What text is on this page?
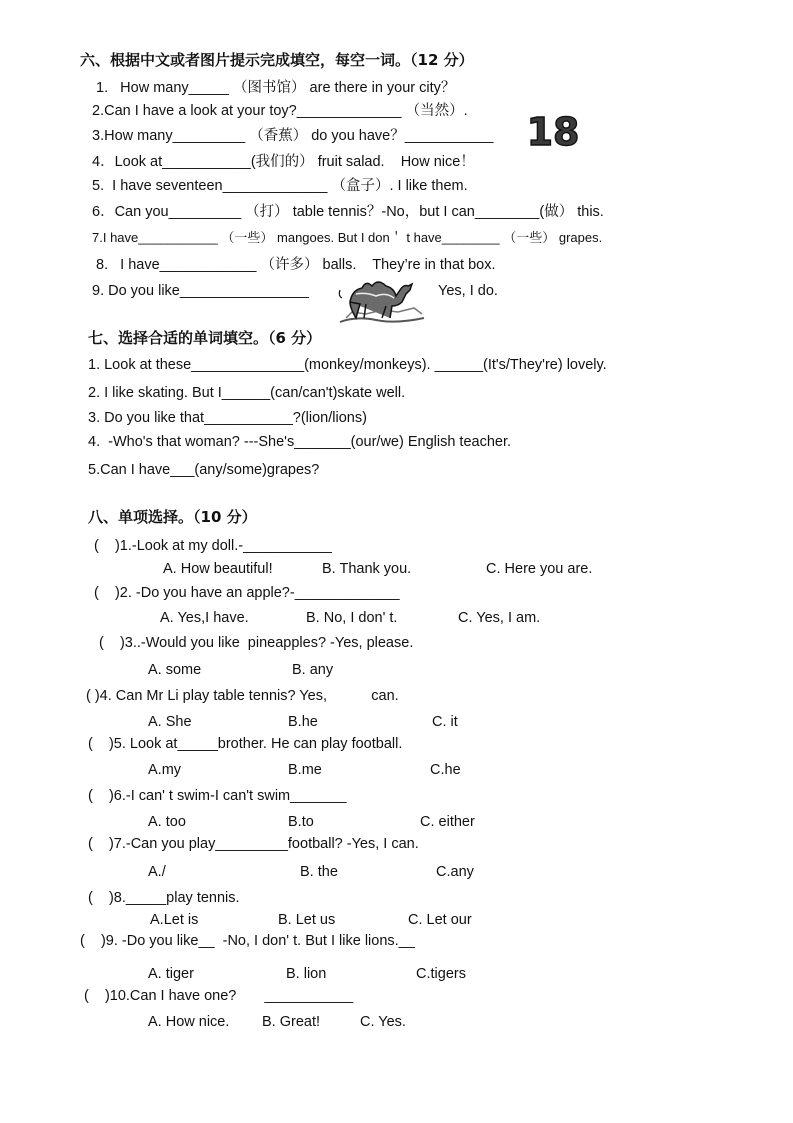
六、根据中文或者图片提示完成填空，每空一词。（12 分）
1.   How many_____ （图书馆） are there in your city？
2.Can I have a look at your toy?_____________ （当然）.
3.How many_________ （香蕉） do you have？___________ 18
4．Look at___________(我们的） fruit salad.    How nice！
5.  I have seventeen_____________ （盒子）. I like them.
6．Can you_________ （打） table tennis？-No，but I can________(做） this.
7.I have___________ （一些） mangoes. But I don＇ t have________ （一些） grapes.
8.   I have____________ （许多） balls.    They’re in that box.
9. Do you like________________	Yes, I do.
七、选择合适的单词填空。（6 分）
1. Look at these______________(monkey/monkeys). ______(It's/They're) lovely.
2. I like skating. But I______(can/can't)skate well.
3. Do you like that___________?(lion/lions)
4.  -Who's that woman? ---She's_______(our/we) English teacher.
5.Can I have___(any/some)grapes?
八、单项选择。（10 分）
(    )1.-Look at my doll.-___________
A. How beautiful!	B. Thank you.	C. Here you are.
(    )2. -Do you have an apple?-_____________
A. Yes,I have.	B. No, I don' t.	C. Yes, I am.
(    )3..-Would you like  pineapples? -Yes, please.
A. some	B. any
( )4. Can Mr Li play table tennis? Yes,           can.
A. She	B.he	C. it
(    )5. Look at_____brother. He can play football.
A.my	B.me	C.he
(    )6.-I can' t swim-I can't swim_______
A. too	B.to	C. either
(    )7.-Can you play_________football? -Yes, I can.
A./	B. the	C.any
(    )8._____play tennis.
A.Let is	B. Let us	C. Let our
(    )9. -Do you like__  -No, I don' t. But I like lions.__
A. tiger	B. lion	C.tigers
(    )10.Can I have one?       ___________
A. How nice. B. Great!	C. Yes.
